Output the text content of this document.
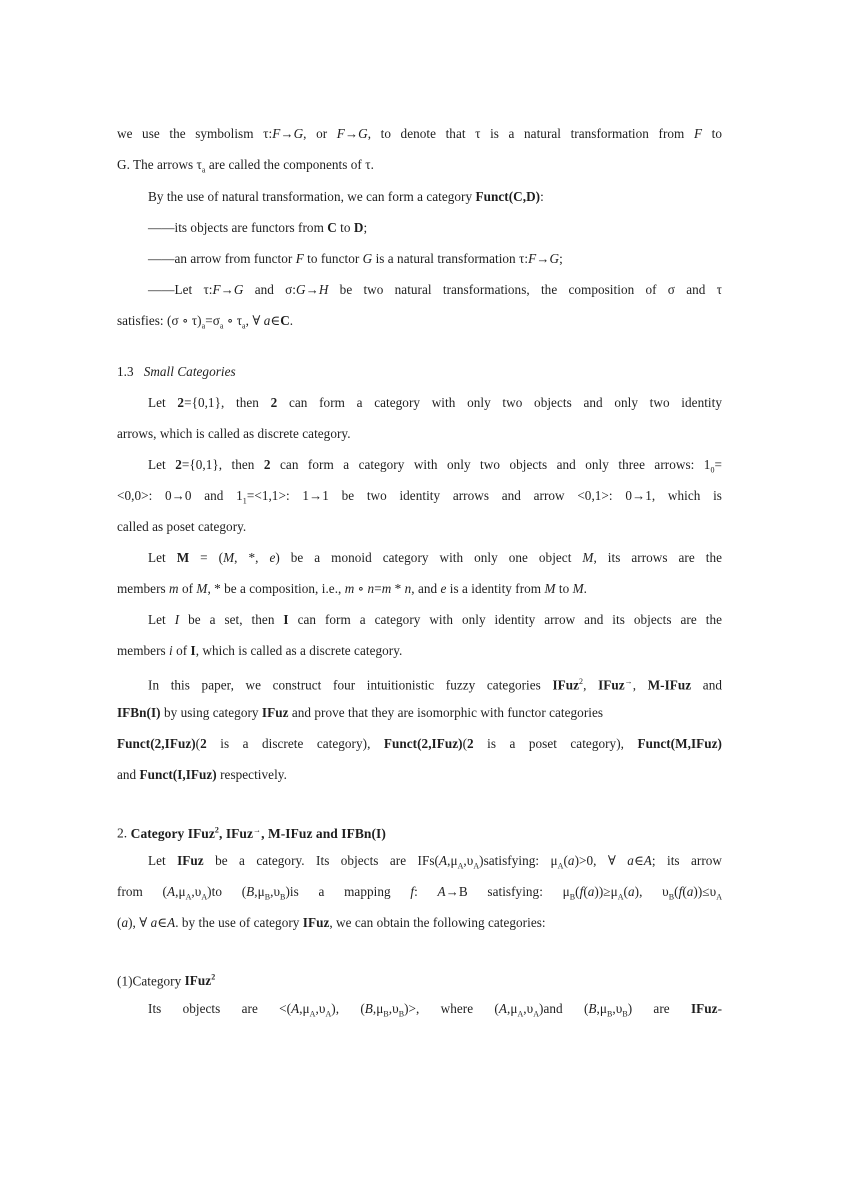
we use the symbolism τ:F→G, or F→G, to denote that τ is a natural transformation from F to
G. The arrows $\tau_a$ are called the components of τ.
By the use of natural transformation, we can form a category Funct(C,D):
——its objects are functors from C to D;
——an arrow from functor F to functor G is a natural transformation τ:F→G;
——Let τ:F→G and σ:G→H be two natural transformations, the composition of σ and τ
satisfies: (σ ∘ $\tau)_a=\sigma_a$ ∘ $\tau_a$, ∀ a∈C.
1.3   Small Categories
Let 2={0,1}, then 2 can form a category with only two objects and only two identity
arrows, which is called as discrete category.
Let 2={0,1}, then 2 can form a category with only two objects and only three arrows: $1_0=$
<0,0>: 0→0 and $1_1=<1,1>$: 1→1 be two identity arrows and arrow <0,1>: 0→1, which is
called as poset category.
Let M = (M, *, e) be a monoid category with only one object M, its arrows are the
members m of M, * be a composition, i.e., m ∘ n=m * n, and e is a identity from M to M.
Let I be a set, then I can form a category with only identity arrow and its objects are the
members i of I, which is called as a discrete category.
In this paper, we construct four intuitionistic fuzzy categories IFuz$^2$, IFuz→, M-IFuz and
IFBn(I) by using category IFuz and prove that they are isomorphic with functor categories
Funct(2,IFuz)(2 is a discrete category), Funct(2,IFuz)(2 is a poset category), Funct(M,IFuz)
and Funct(I,IFuz) respectively.
2. Category IFuz$^2$, IFuz→, M-IFuz and IFBn(I)
Let IFuz be a category. Its objects are $IFs(A,\mu_A,\upsilon_A)satisfying$: $\mu_A(a)>0$, ∀ a∈A; its arrow
from $(A,\mu_A,\upsilon_A)to$ $(B,\mu_B,\upsilon_B)is$ a mapping f: A→B satisfying: $\mu_B(f(a))\ge\mu_A(a)$, $\upsilon_B(f(a))\le\upsilon_A$
(a), ∀ a∈A. by the use of category IFuz, we can obtain the following categories:
(1)Category IFuz$^2$
Its objects are $<(A,\mu_A,\upsilon_A)$, $(B,\mu_B,\upsilon_B)>$, where $(A,\mu_A,\upsilon_A)and$ $(B,\mu_B,\upsilon_B)$ are IFuz-
